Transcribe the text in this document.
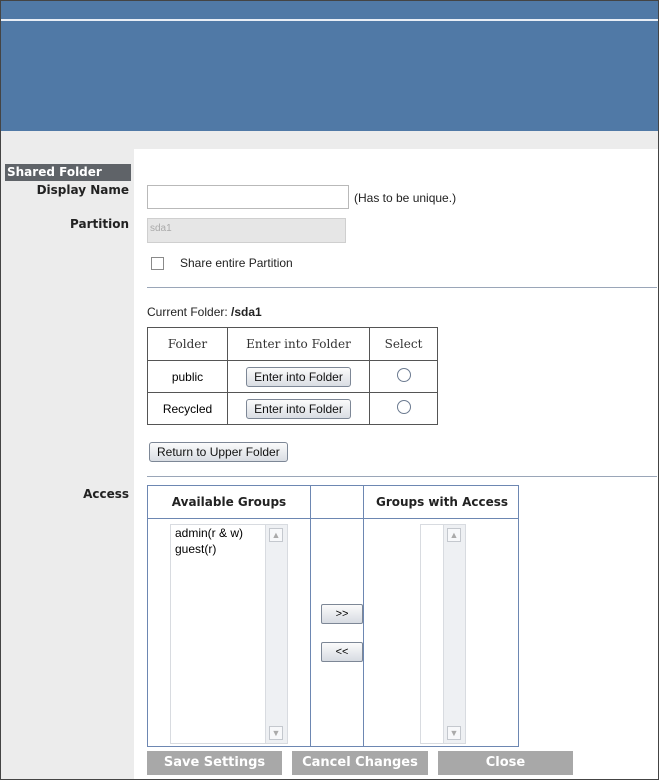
Shared Folder
Display Name
(Has to be unique.)
Partition	sda1
Share entire Partition
Current Folder: /sda1
Folder	Enter into Folder	Select
public	Enter into Folder	
Recycled	Enter into Folder	
Return to Upper Folder
Access
Available Groups	Groups with Access
admin(r & w)
guest(r)
▲
▼
>>
<<
▲
▼
Save Settings	Cancel Changes	Close
